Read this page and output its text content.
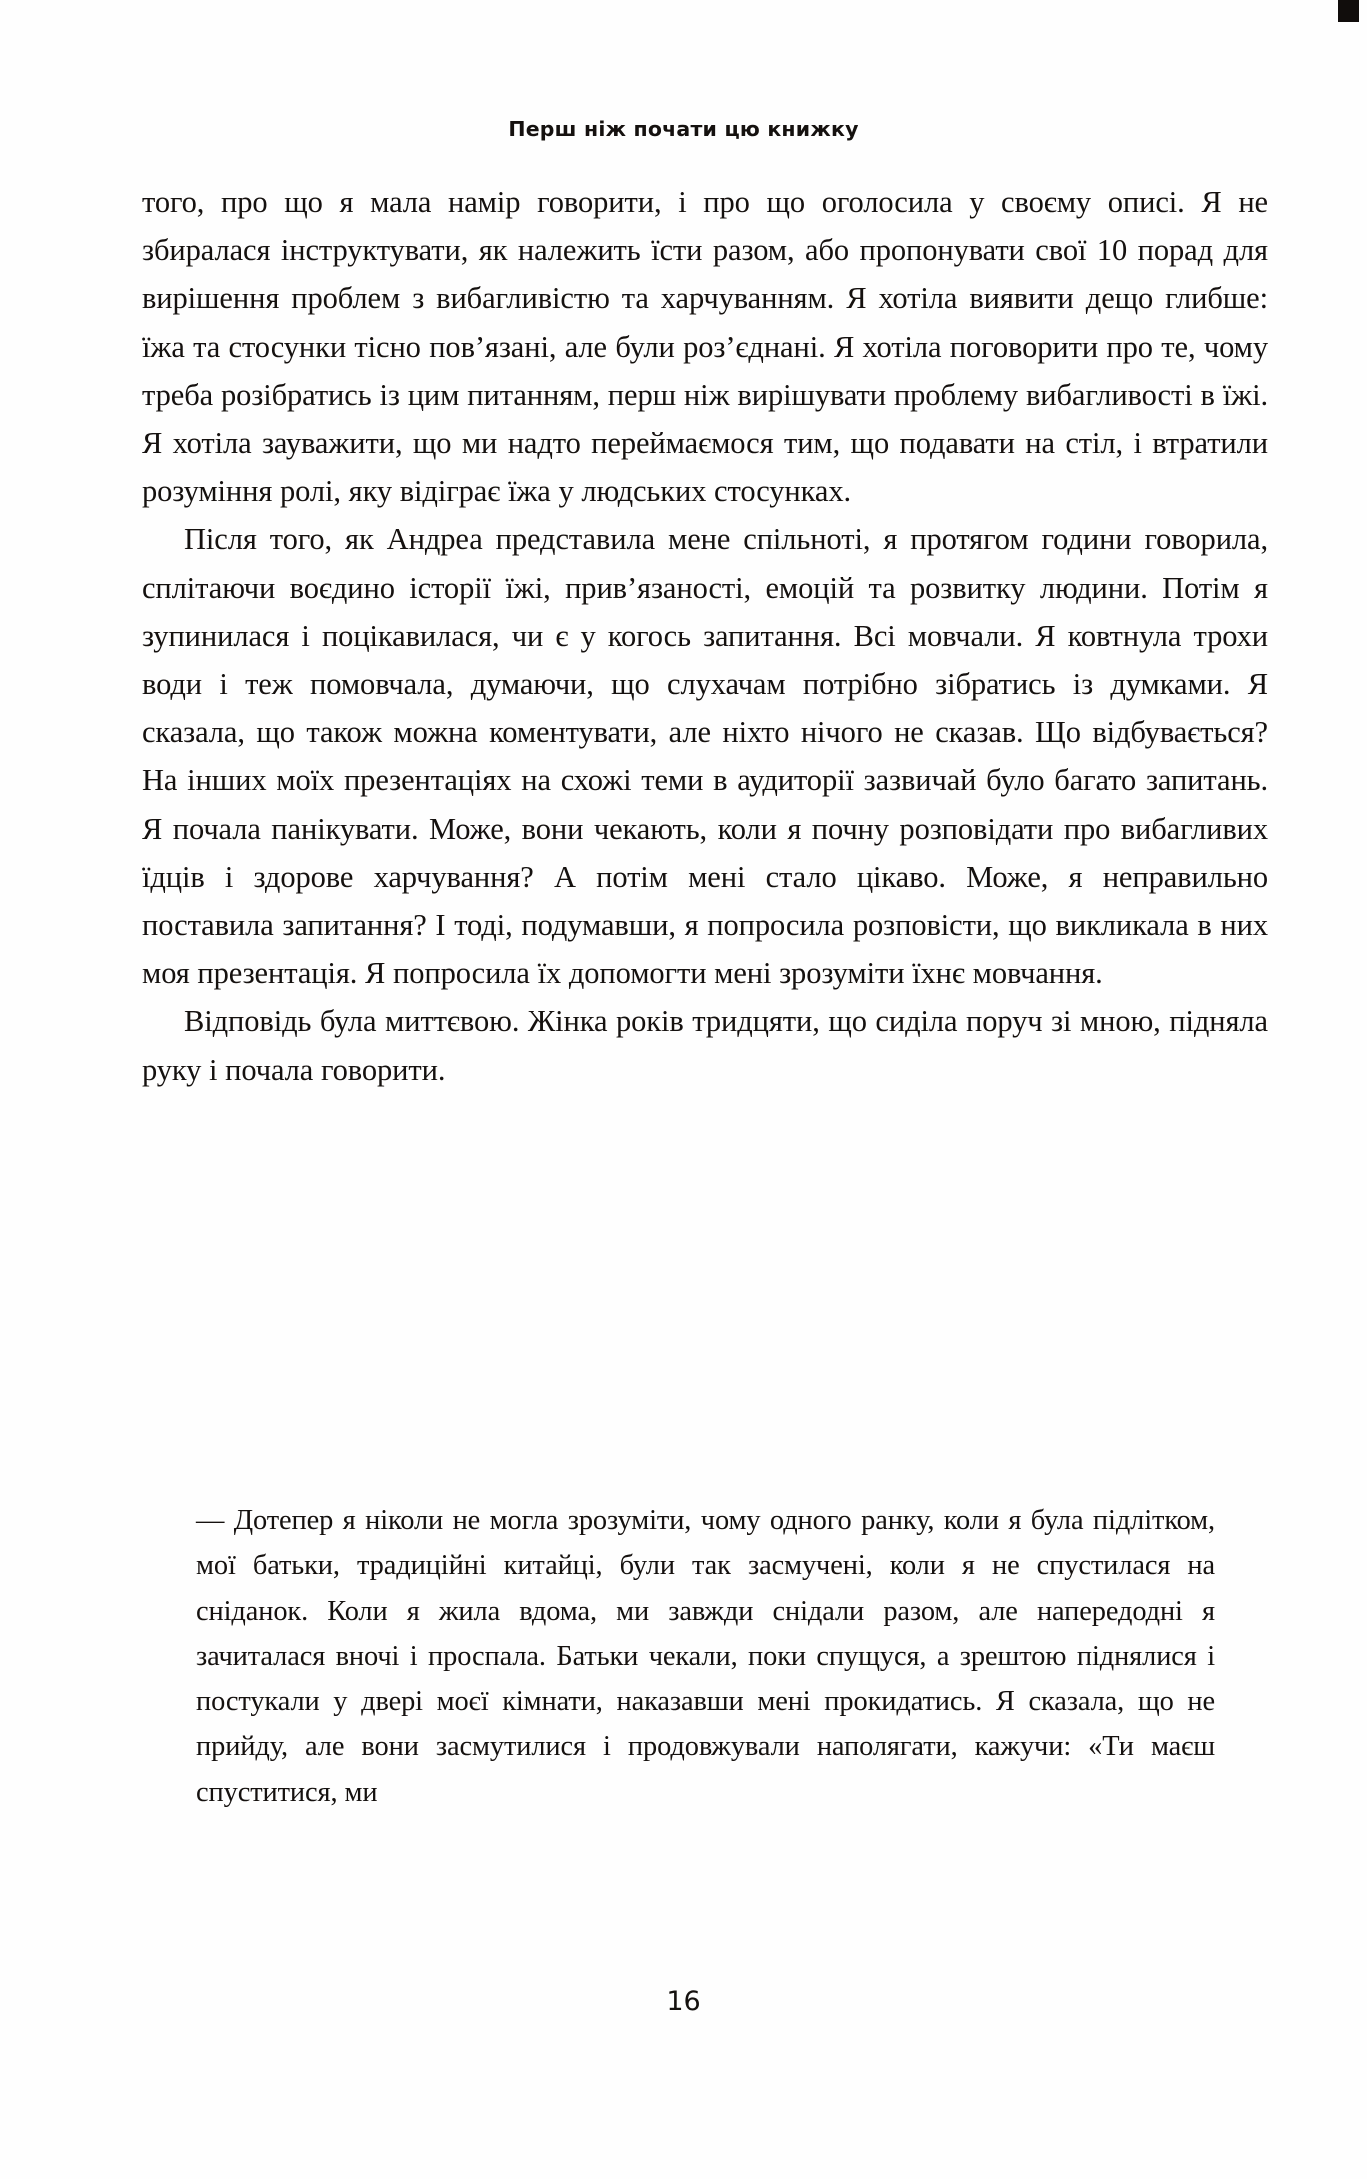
Перш ніж почати цю книжку

того, про що я мала намір говорити, і про що оголосила у своєму описі. Я не збиралася інструктувати, як належить їсти разом, або пропонувати свої 10 порад для вирішення проблем з вибагливістю та харчуванням. Я хотіла виявити дещо глибше: їжа та стосунки тісно пов’язані, але були роз’єднані. Я хотіла поговорити про те, чому треба розібратись із цим питанням, перш ніж вирішувати проблему вибагливості в їжі. Я хотіла зауважити, що ми надто переймаємося тим, що подавати на стіл, і втратили розуміння ролі, яку відіграє їжа у людських стосунках.

Після того, як Андреа представила мене спільноті, я протягом години говорила, сплітаючи воєдино історії їжі, прив’язаності, емоцій та розвитку людини. Потім я зупинилася і поцікавилася, чи є у когось запитання. Всі мовчали. Я ковтнула трохи води і теж помовчала, думаючи, що слухачам потрібно зібратись із думками. Я сказала, що також можна коментувати, але ніхто нічого не сказав. Що відбувається? На інших моїх презентаціях на схожі теми в аудиторії зазвичай було багато запитань. Я почала панікувати. Може, вони чекають, коли я почну розповідати про вибагливих їдців і здорове харчування? А потім мені стало цікаво. Може, я неправильно поставила запитання? І тоді, подумавши, я попросила розповісти, що викликала в них моя презентація. Я попросила їх допомогти мені зрозуміти їхнє мовчання.

Відповідь була миттєвою. Жінка років тридцяти, що сиділа поруч зі мною, підняла руку і почала говорити.

— Дотепер я ніколи не могла зрозуміти, чому одного ранку, коли я була підлітком, мої батьки, традиційні китайці, були так засмучені, коли я не спустилася на сніданок. Коли я жила вдома, ми завжди снідали разом, але напередодні я зачиталася вночі і проспала. Батьки чекали, поки спущуся, а зрештою піднялися і постукали у двері моєї кімнати, наказавши мені прокидатись. Я сказала, що не прийду, але вони засмутилися і продовжували наполягати, кажучи: «Ти маєш спуститися, ми

16
